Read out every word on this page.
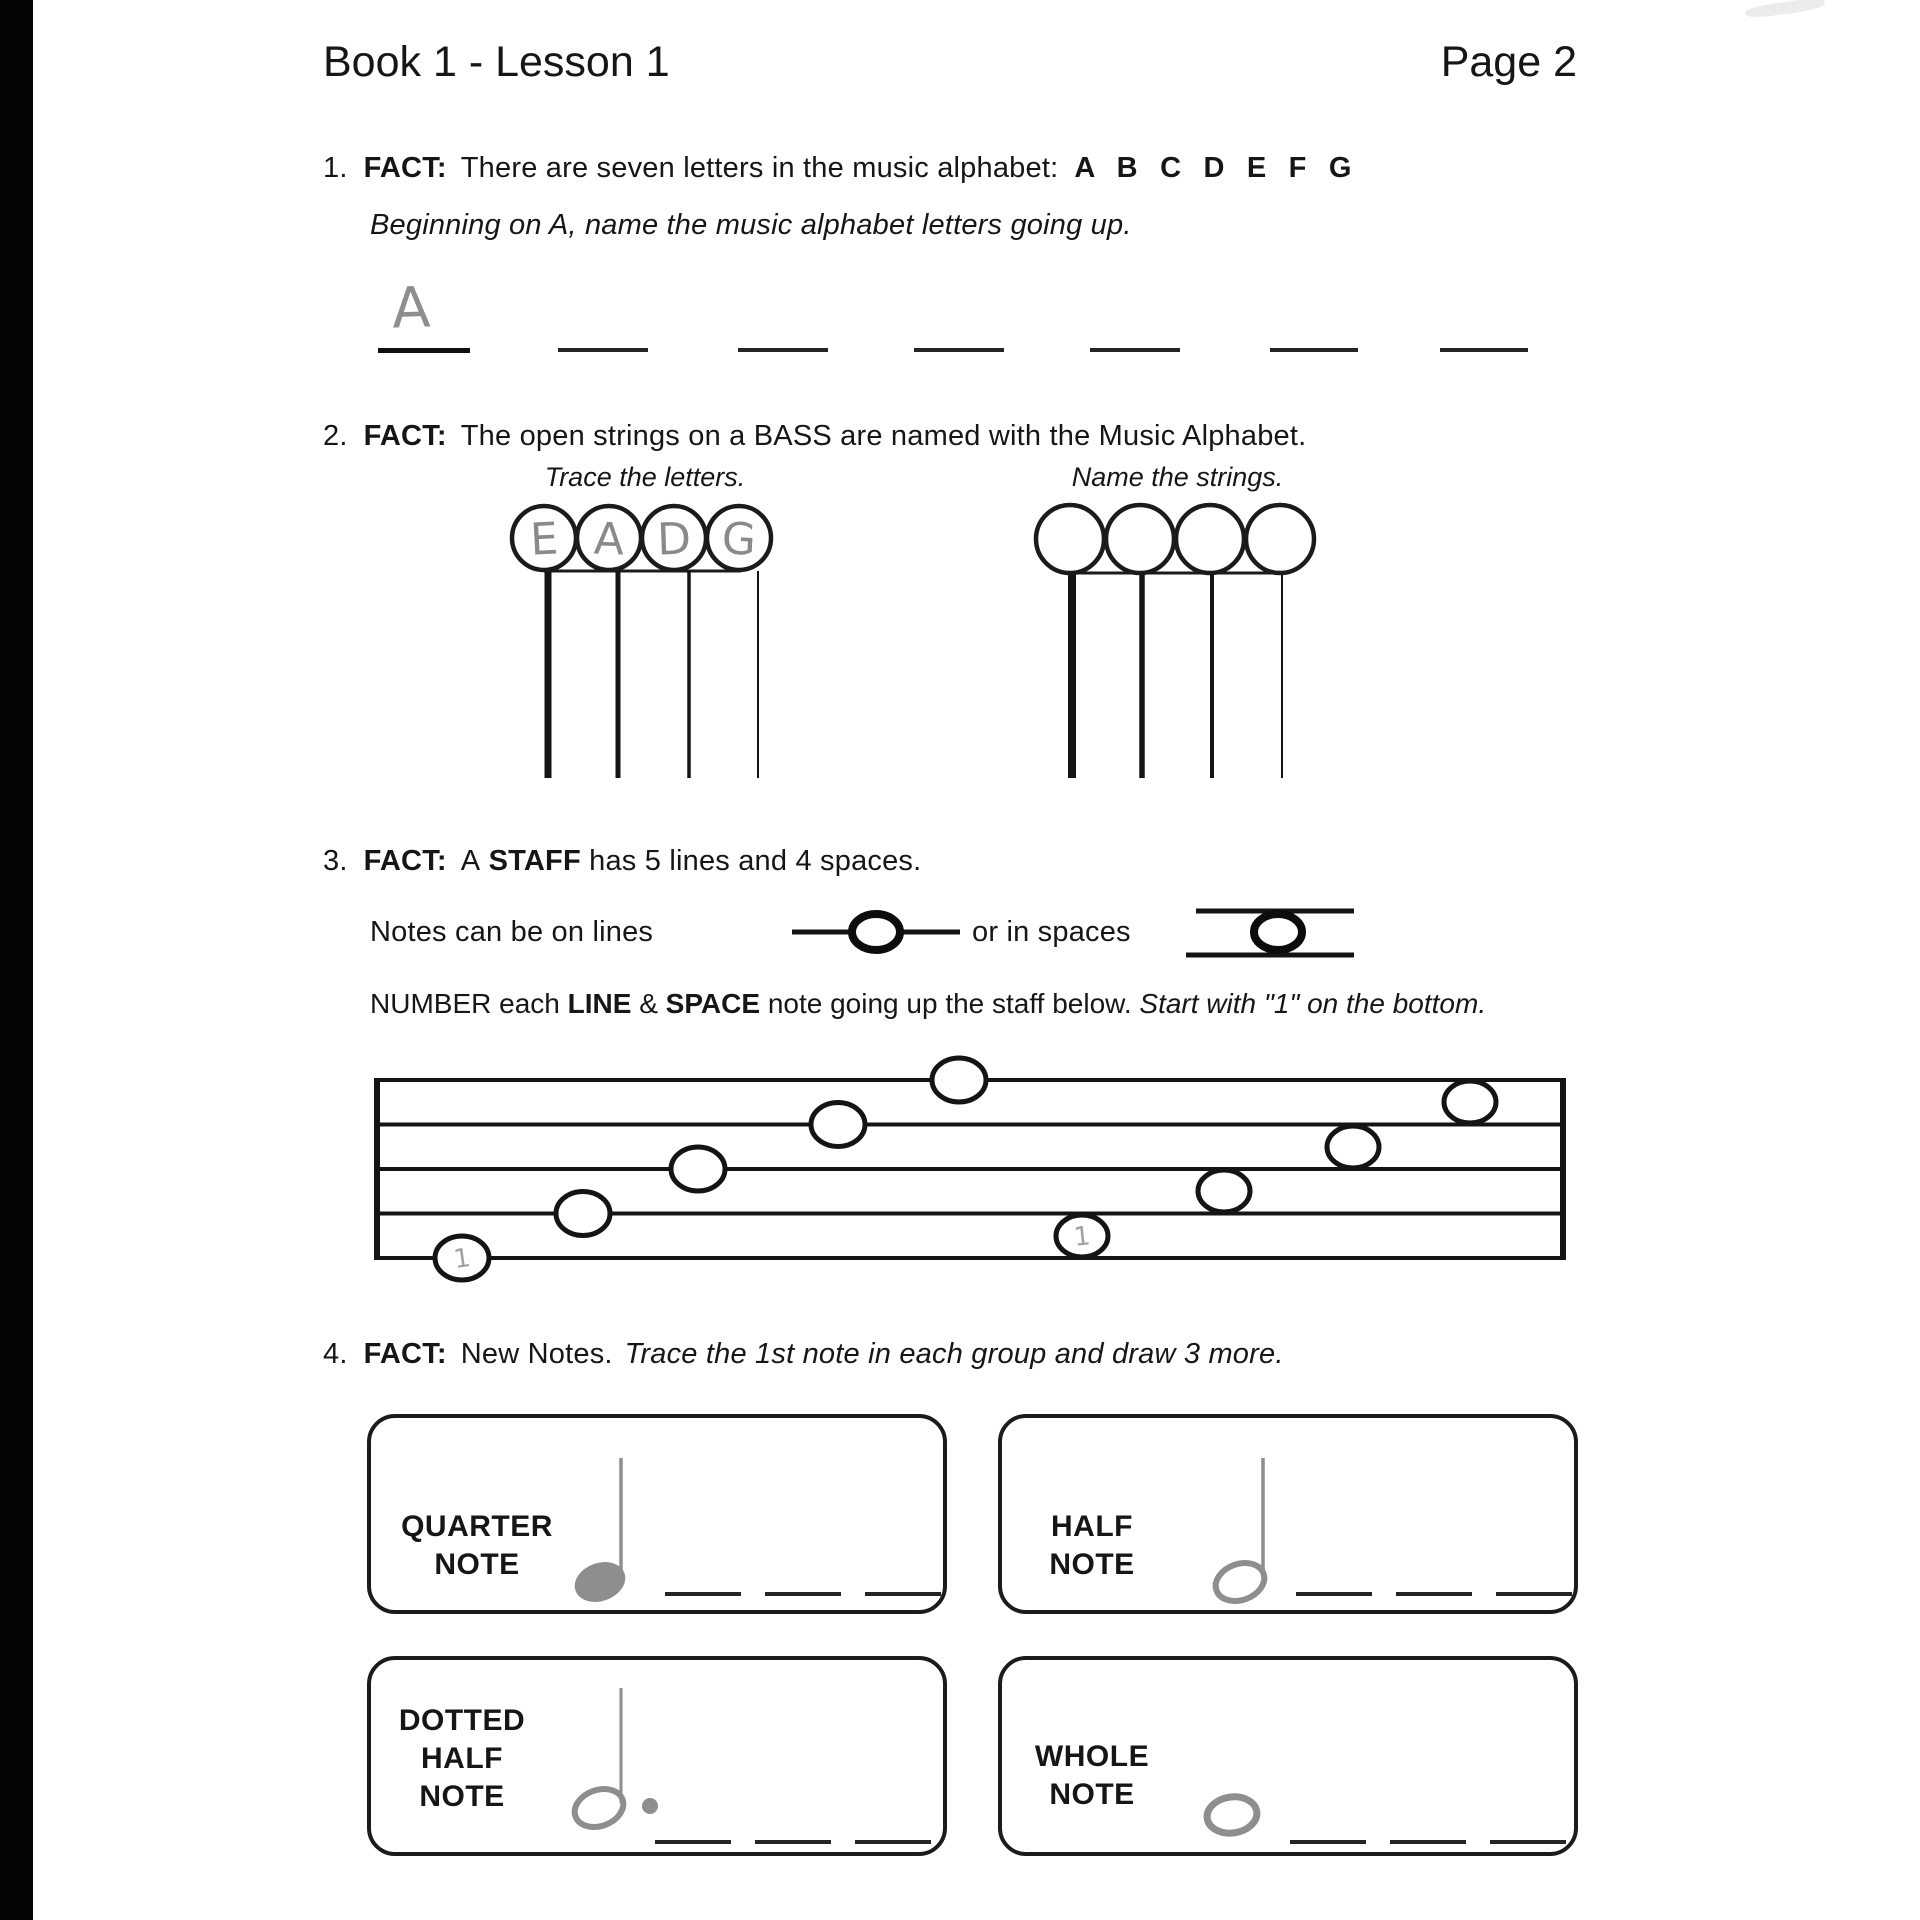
Book 1 - Lesson 1	Page 2
1. FACT: There are seven letters in the music alphabet: A B C D E F G
Beginning on A, name the music alphabet letters going up.
A
2. FACT: The open strings on a BASS are named with the Music Alphabet.
Trace the letters.	Name the strings.
E A D G
3. FACT: A STAFF has 5 lines and 4 spaces.
Notes can be on lines	or in spaces
NUMBER each LINE & SPACE note going up the staff below. Start with "1" on the bottom.
1
1
4. FACT: New Notes. Trace the 1st note in each group and draw 3 more.
QUARTER
NOTE
HALF
NOTE
DOTTED
HALF
NOTE
WHOLE
NOTE
